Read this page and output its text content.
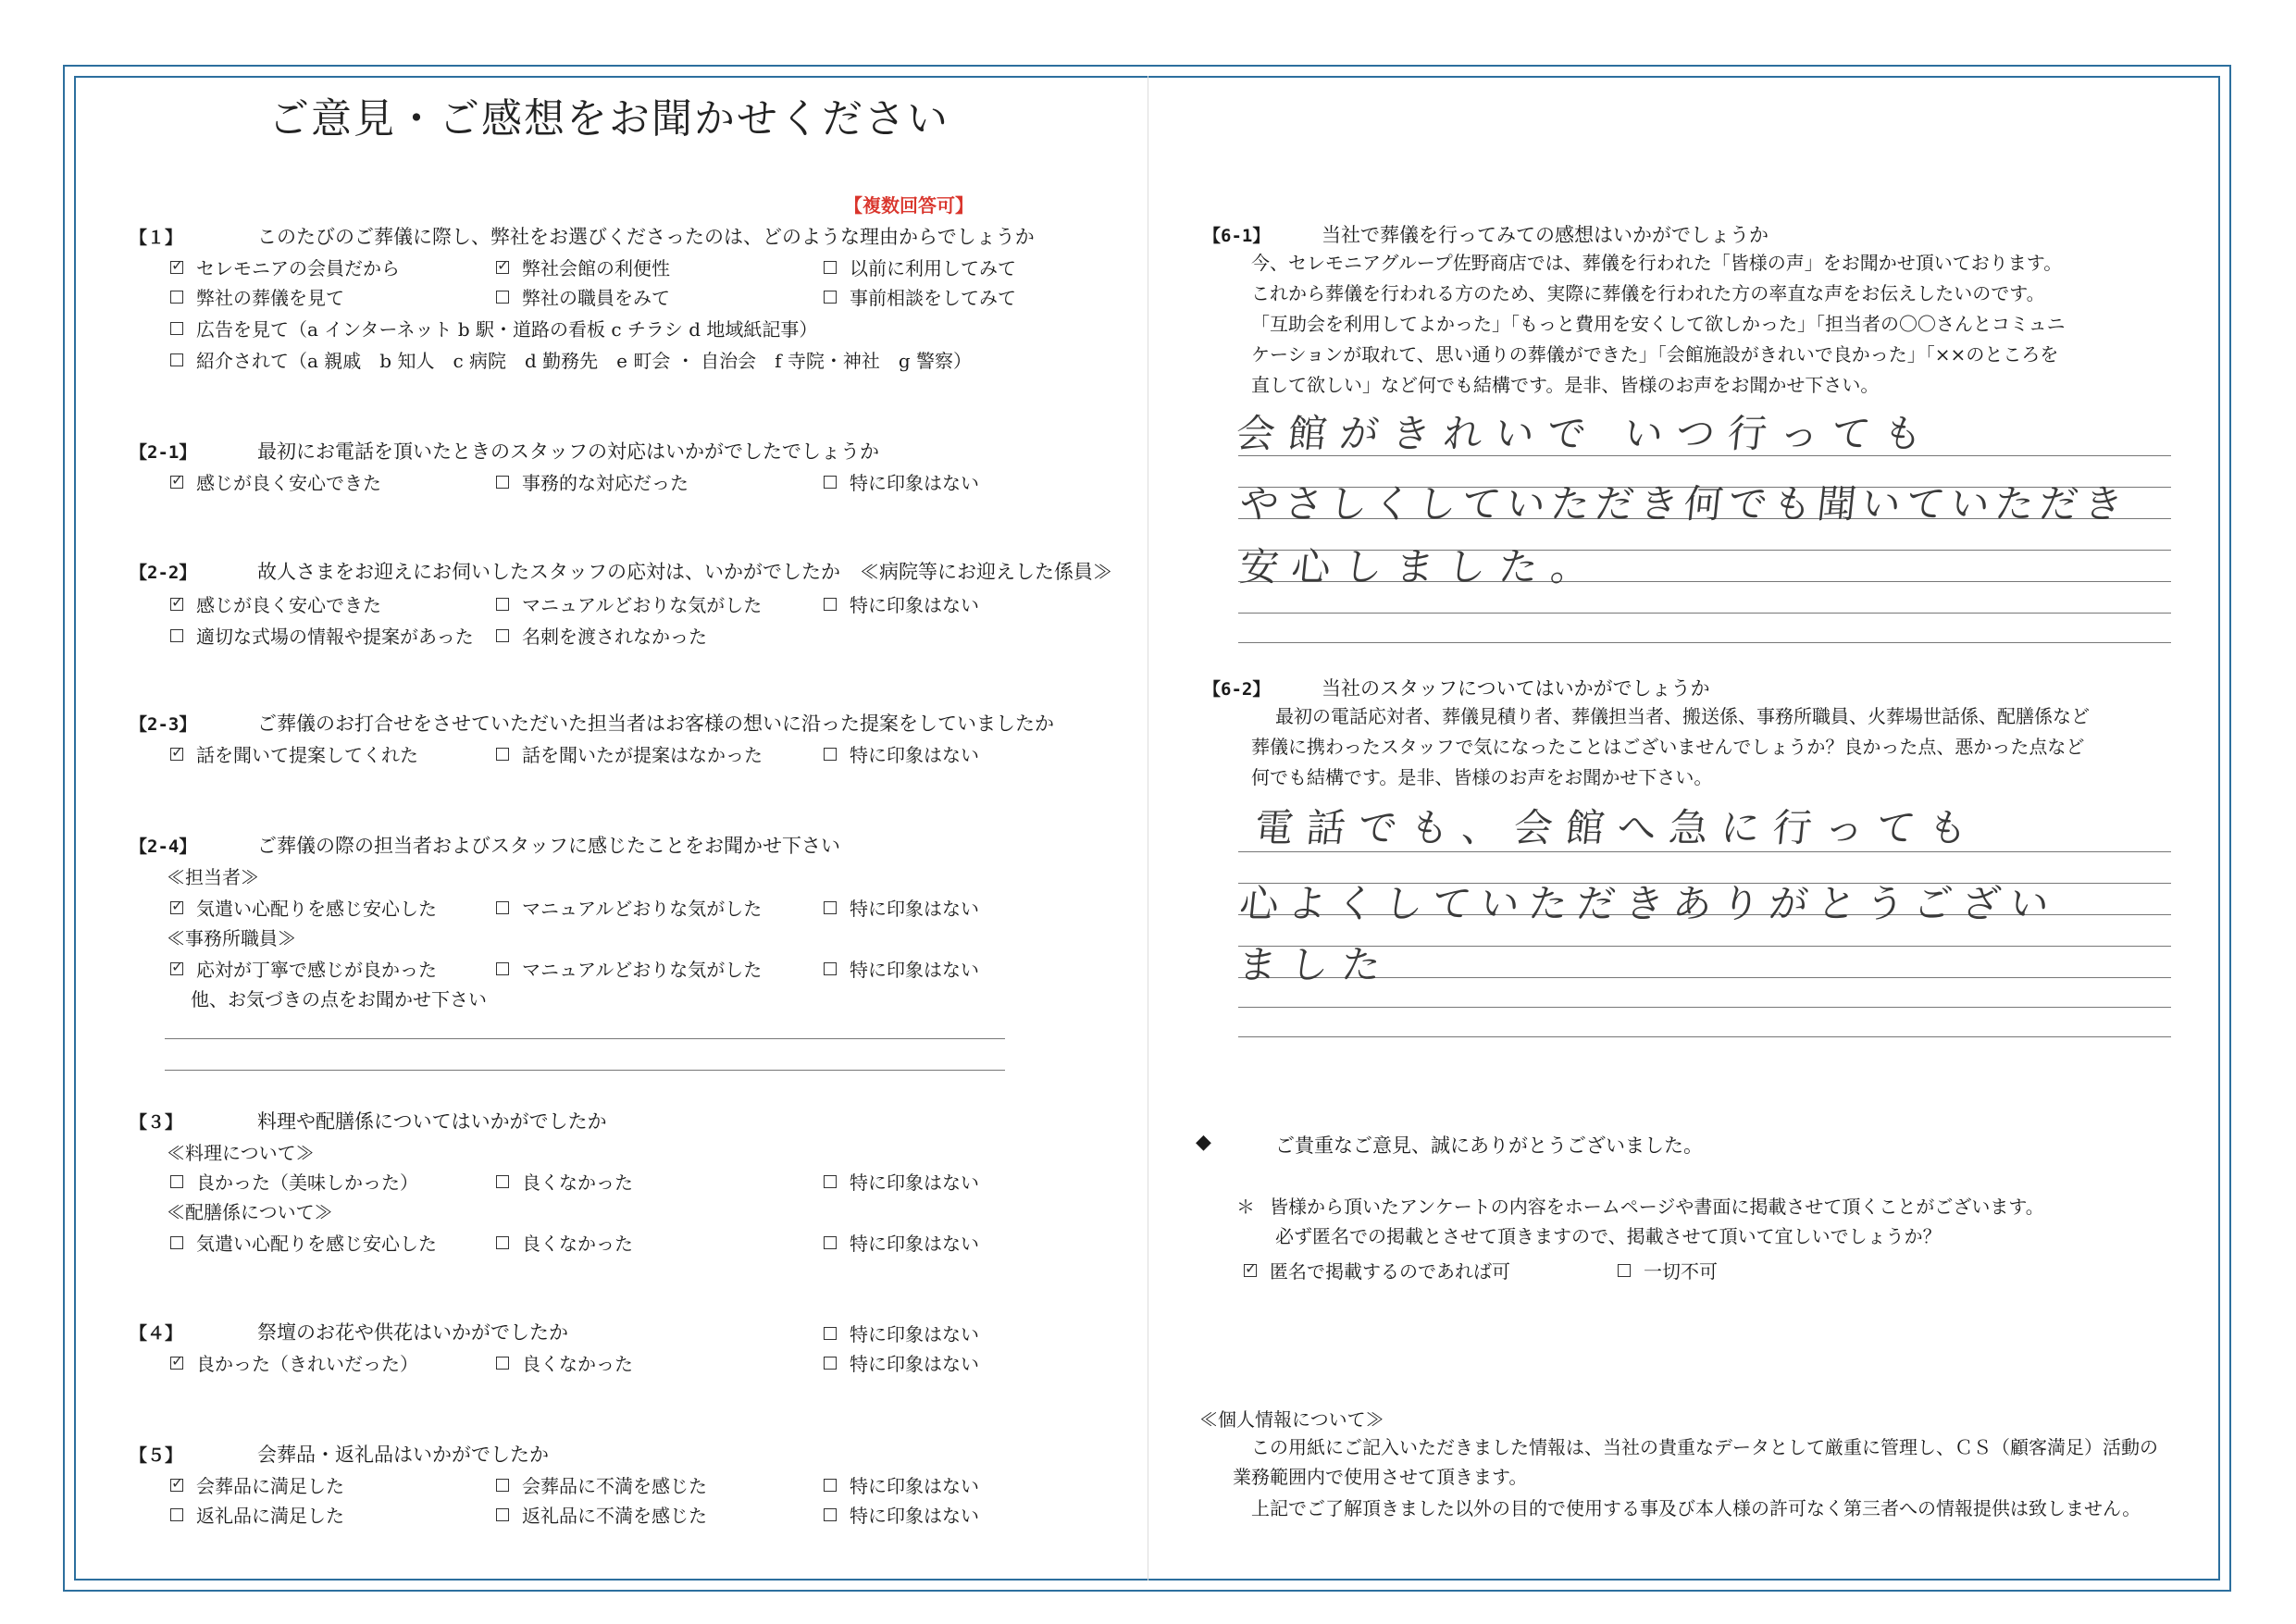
ご意見・ご感想をお聞かせください
【複数回答可】
【１】	このたびのご葬儀に際し、弊社をお選びくださったのは、どのような理由からでしょうか
✓
セレモニアの会員だから
✓	弊社会館の利便性	以前に利用してみて
弊社の葬儀を見て	弊社の職員をみて	事前相談をしてみて
広告を見て（a インターネット b 駅・道路の看板 c チラシ d 地域紙記事）
紹介されて（a 親戚　b 知人　c 病院　d 勤務先　e 町会 ・ 自治会　f 寺院・神社　g 警察）
【2-1】	最初にお電話を頂いたときのスタッフの対応はいかがでしたでしょうか
✓
感じが良く安心できた	事務的な対応だった	特に印象はない
【2-2】	故人さまをお迎えにお伺いしたスタッフの応対は、いかがでしたか　≪病院等にお迎えした係員≫
✓
感じが良く安心できた	マニュアルどおりな気がした	特に印象はない
適切な式場の情報や提案があった	名刺を渡されなかった
【2-3】	ご葬儀のお打合せをさせていただいた担当者はお客様の想いに沿った提案をしていましたか
✓
話を聞いて提案してくれた	話を聞いたが提案はなかった	特に印象はない
【2-4】	ご葬儀の際の担当者およびスタッフに感じたことをお聞かせ下さい
≪担当者≫
✓
気遣い心配りを感じ安心した	マニュアルどおりな気がした	特に印象はない
≪事務所職員≫
✓
応対が丁寧で感じが良かった	マニュアルどおりな気がした	特に印象はない
他、お気づきの点をお聞かせ下さい
【３】	料理や配膳係についてはいかがでしたか
≪料理について≫
良かった（美味しかった）	良くなかった	特に印象はない
≪配膳係について≫
気遣い心配りを感じ安心した	良くなかった	特に印象はない
【４】	祭壇のお花や供花はいかがでしたか	特に印象はない
✓
良かった（きれいだった）	良くなかった	特に印象はない
【５】	会葬品・返礼品はいかがでしたか
✓
会葬品に満足した	会葬品に不満を感じた	特に印象はない
返礼品に満足した	返礼品に不満を感じた	特に印象はない
【6-1】	当社で葬儀を行ってみての感想はいかがでしょうか
今、セレモニアグループ佐野商店では、葬儀を行われた「皆様の声」をお聞かせ頂いております。
これから葬儀を行われる方のため、実際に葬儀を行われた方の率直な声をお伝えしたいのです。
「互助会を利用してよかった」「もっと費用を安くして欲しかった」「担当者の〇〇さんとコミュニ
ケーションが取れて、思い通りの葬儀ができた」「会館施設がきれいで良かった」「××のところを
直して欲しい」など何でも結構です。是非、皆様のお声をお聞かせ下さい。
会館がきれいで いつ行っても
やさしくしていただき何でも聞いていただき
安心しました。
【6-2】	当社のスタッフについてはいかがでしょうか
最初の電話応対者、葬儀見積り者、葬儀担当者、搬送係、事務所職員、火葬場世話係、配膳係など
葬儀に携わったスタッフで気になったことはございませんでしょうか？良かった点、悪かった点など
何でも結構です。是非、皆様のお声をお聞かせ下さい。
電話でも、会館へ急に行っても
心よくしていただきありがとうござい
ました
◆	ご貴重なご意見、誠にありがとうございました。
＊ 皆様から頂いたアンケートの内容をホームページや書面に掲載させて頂くことがございます。
必ず匿名での掲載とさせて頂きますので、掲載させて頂いて宜しいでしょうか？
✓
匿名で掲載するのであれば可	一切不可
≪個人情報について≫
この用紙にご記入いただきました情報は、当社の貴重なデータとして厳重に管理し、ＣＳ（顧客満足）活動の
業務範囲内で使用させて頂きます。
上記でご了解頂きました以外の目的で使用する事及び本人様の許可なく第三者への情報提供は致しません。
